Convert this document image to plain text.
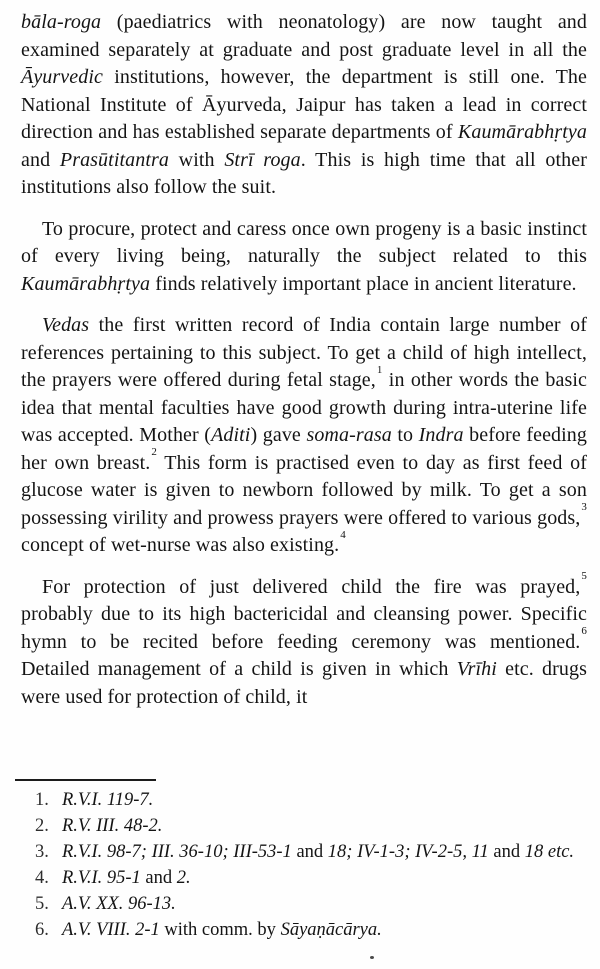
bāla-roga (paediatrics with neonatology) are now taught and examined separately at graduate and post graduate level in all the Āyurvedic institutions, however, the department is still one. The National Institute of Āyurveda, Jaipur has taken a lead in correct direction and has established separate departments of Kaumārabhṛtya and Prasūtitantra with Strī roga. This is high time that all other institutions also follow the suit.

To procure, protect and caress once own progeny is a basic instinct of every living being, naturally the subject related to this Kaumārabhṛtya finds relatively important place in ancient literature.

Vedas the first written record of India contain large number of references pertaining to this subject. To get a child of high intellect, the prayers were offered during fetal stage,$^1$ in other words the basic idea that mental faculties have good growth during intra-uterine life was accepted. Mother (Aditi) gave soma-rasa to Indra before feeding her own breast.$^2$ This form is practised even to day as first feed of glucose water is given to newborn followed by milk. To get a son possessing virility and prowess prayers were offered to various gods,$^3$ concept of wet-nurse was also existing.$^4$

For protection of just delivered child the fire was prayed,$^5$ probably due to its high bactericidal and cleansing power. Specific hymn to be recited before feeding ceremony was mentioned.$^6$ Detailed management of a child is given in which Vrīhi etc. drugs were used for protection of child, it

1. R.V.I. 119-7.
2. R.V. III. 48-2.
3. R.V.I. 98-7; III. 36-10; III-53-1 and 18; IV-1-3; IV-2-5, 11 and 18 etc.
4. R.V.I. 95-1 and 2.
5. A.V. XX. 96-13.
6. A.V. VIII. 2-1 with comm. by Sāyaṇācārya.
